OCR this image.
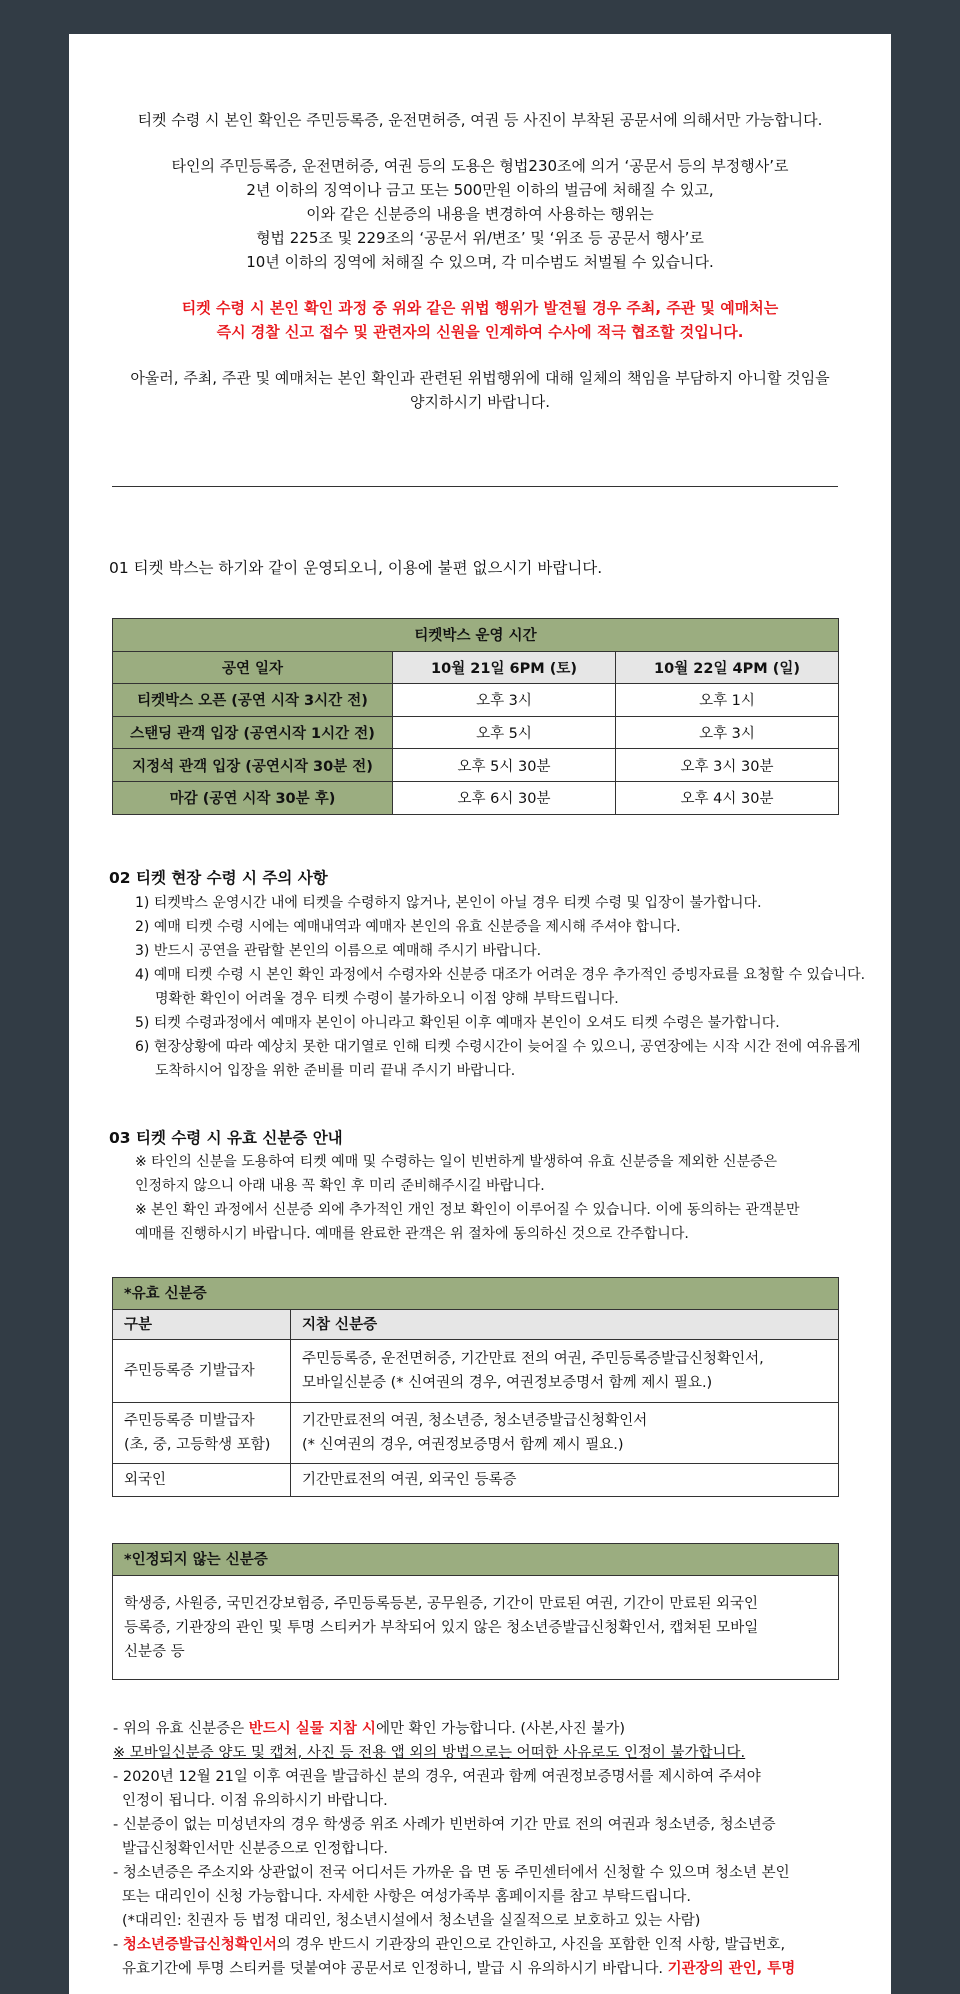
티켓 수령 시 본인 확인은 주민등록증, 운전면허증, 여권 등 사진이 부착된 공문서에 의해서만 가능합니다.

타인의 주민등록증, 운전면허증, 여권 등의 도용은 형법230조에 의거 ‘공문서 등의 부정행사’로
2년 이하의 징역이나 금고 또는 500만원 이하의 벌금에 처해질 수 있고,
이와 같은 신분증의 내용을 변경하여 사용하는 행위는
형법 225조 및 229조의 ‘공문서 위/변조’ 및 ‘위조 등 공문서 행사’로
10년 이하의 징역에 처해질 수 있으며, 각 미수범도 처벌될 수 있습니다.

티켓 수령 시 본인 확인 과정 중 위와 같은 위법 행위가 발견될 경우 주최, 주관 및 예매처는
즉시 경찰 신고 접수 및 관련자의 신원을 인계하여 수사에 적극 협조할 것입니다.

아울러, 주최, 주관 및 예매처는 본인 확인과 관련된 위법행위에 대해 일체의 책임을 부담하지 아니할 것임을
양지하시기 바랍니다.

01 티켓 박스는 하기와 같이 운영되오니, 이용에 불편 없으시기 바랍니다.
티켓박스 운영 시간		
공연 일자	10월 21일 6PM (토)	10월 22일 4PM (일)
티켓박스 오픈 (공연 시작 3시간 전)	오후 3시	오후 1시
스탠딩 관객 입장 (공연시작 1시간 전)	오후 5시	오후 3시
지정석 관객 입장 (공연시작 30분 전)	오후 5시 30분	오후 3시 30분
마감 (공연 시작 30분 후)	오후 6시 30분	오후 4시 30분
02 티켓 현장 수령 시 주의 사항
1) 티켓박스 운영시간 내에 티켓을 수령하지 않거나, 본인이 아닐 경우 티켓 수령 및 입장이 불가합니다.
2) 예매 티켓 수령 시에는 예매내역과 예매자 본인의 유효 신분증을 제시해 주셔야 합니다.
3) 반드시 공연을 관람할 본인의 이름으로 예매해 주시기 바랍니다.
4) 예매 티켓 수령 시 본인 확인 과정에서 수령자와 신분증 대조가 어려운 경우 추가적인 증빙자료를 요청할 수 있습니다. 명확한 확인이 어려울 경우 티켓 수령이 불가하오니 이점 양해 부탁드립니다.
5) 티켓 수령과정에서 예매자 본인이 아니라고 확인된 이후 예매자 본인이 오셔도 티켓 수령은 불가합니다.
6) 현장상황에 따라 예상치 못한 대기열로 인해 티켓 수령시간이 늦어질 수 있으니, 공연장에는 시작 시간 전에 여유롭게 도착하시어 입장을 위한 준비를 미리 끝내 주시기 바랍니다.
03 티켓 수령 시 유효 신분증 안내

※ 타인의 신분을 도용하여 티켓 예매 및 수령하는 일이 빈번하게 발생하여 유효 신분증을 제외한 신분증은

인정하지 않으니 아래 내용 꼭 확인 후 미리 준비해주시길 바랍니다.

※ 본인 확인 과정에서 신분증 외에 추가적인 개인 정보 확인이 이루어질 수 있습니다. 이에 동의하는 관객분만

예매를 진행하시기 바랍니다. 예매를 완료한 관객은 위 절차에 동의하신 것으로 간주합니다.

*유효 신분증	
구분	지참 신분증
주민등록증 기발급자	주민등록증, 운전면허증, 기간만료 전의 여권, 주민등록증발급신청확인서,
모바일신분증 (* 신여권의 경우, 여권정보증명서 함께 제시 필요.)
주민등록증 미발급자
(초, 중, 고등학생 포함)	기간만료전의 여권, 청소년증, 청소년증발급신청확인서
(* 신여권의 경우, 여권정보증명서 함께 제시 필요.)
외국인	기간만료전의 여권, 외국인 등록증
*인정되지 않는 신분증
학생증, 사원증, 국민건강보험증, 주민등록등본, 공무원증, 기간이 만료된 여권, 기간이 만료된 외국인
등록증, 기관장의 관인 및 투명 스티커가 부착되어 있지 않은 청소년증발급신청확인서, 캡쳐된 모바일
신분증 등

- 위의 유효 신분증은 반드시 실물 지참 시에만 확인 가능합니다. (사본,사진 불가)

※ 모바일신분증 양도 및 캡쳐, 사진 등 전용 앱 외의 방법으로는 어떠한 사유로도 인정이 불가합니다.

- 2020년 12월 21일 이후 여권을 발급하신 분의 경우, 여권과 함께 여권정보증명서를 제시하여 주셔야
인정이 됩니다. 이점 유의하시기 바랍니다.

- 신분증이 없는 미성년자의 경우 학생증 위조 사례가 빈번하여 기간 만료 전의 여권과 청소년증, 청소년증
발급신청확인서만 신분증으로 인정합니다.

- 청소년증은 주소지와 상관없이 전국 어디서든 가까운 읍 면 동 주민센터에서 신청할 수 있으며 청소년 본인
또는 대리인이 신청 가능합니다. 자세한 사항은 여성가족부 홈페이지를 참고 부탁드립니다.

(*대리인: 친권자 등 법정 대리인, 청소년시설에서 청소년을 실질적으로 보호하고 있는 사람)

- 청소년증발급신청확인서의 경우 반드시 기관장의 관인으로 간인하고, 사진을 포함한 인적 사항, 발급번호,
유효기간에 투명 스티커를 덧붙여야 공문서로 인정하니, 발급 시 유의하시기 바랍니다. 기관장의 관인, 투명
